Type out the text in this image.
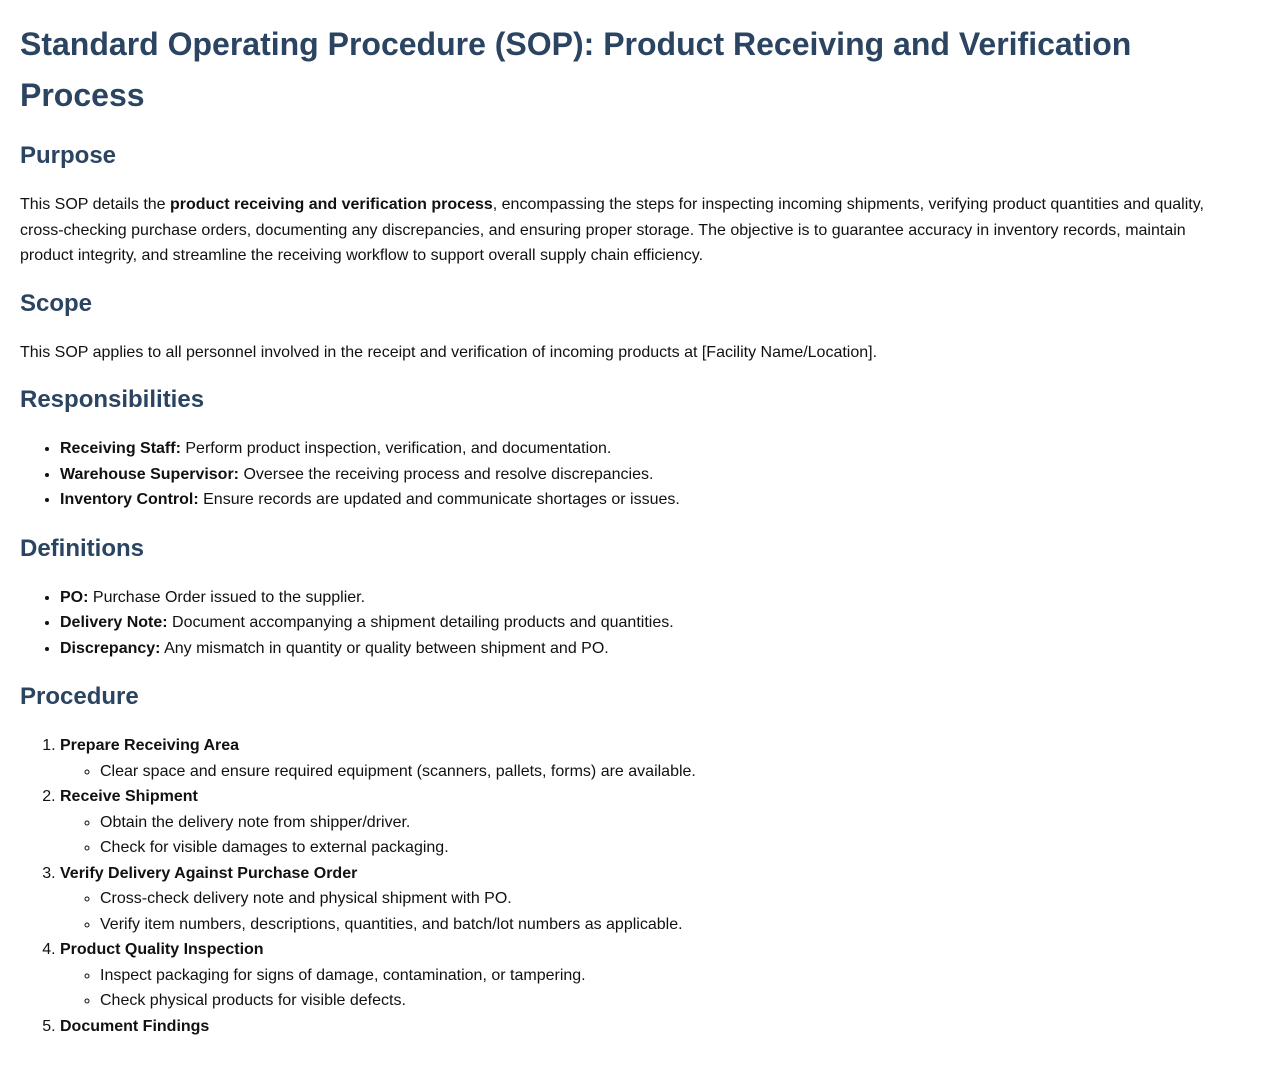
Standard Operating Procedure (SOP): Product Receiving and Verification Process
Purpose

This SOP details the product receiving and verification process, encompassing the steps for inspecting incoming shipments, verifying product quantities and quality, cross-checking purchase orders, documenting any discrepancies, and ensuring proper storage. The objective is to guarantee accuracy in inventory records, maintain product integrity, and streamline the receiving workflow to support overall supply chain efficiency.

Scope

This SOP applies to all personnel involved in the receipt and verification of incoming products at [Facility Name/Location].

Responsibilities
• Receiving Staff: Perform product inspection, verification, and documentation.
• Warehouse Supervisor: Oversee the receiving process and resolve discrepancies.
• Inventory Control: Ensure records are updated and communicate shortages or issues.
Definitions
• PO: Purchase Order issued to the supplier.
• Delivery Note: Document accompanying a shipment detailing products and quantities.
• Discrepancy: Any mismatch in quantity or quality between shipment and PO.
Procedure
1. Prepare Receiving Area
◦ Clear space and ensure required equipment (scanners, pallets, forms) are available.
2. Receive Shipment
◦ Obtain the delivery note from shipper/driver.
◦ Check for visible damages to external packaging.
3. Verify Delivery Against Purchase Order
◦ Cross-check delivery note and physical shipment with PO.
◦ Verify item numbers, descriptions, quantities, and batch/lot numbers as applicable.
4. Product Quality Inspection
◦ Inspect packaging for signs of damage, contamination, or tampering.
◦ Check physical products for visible defects.
5. Document Findings
